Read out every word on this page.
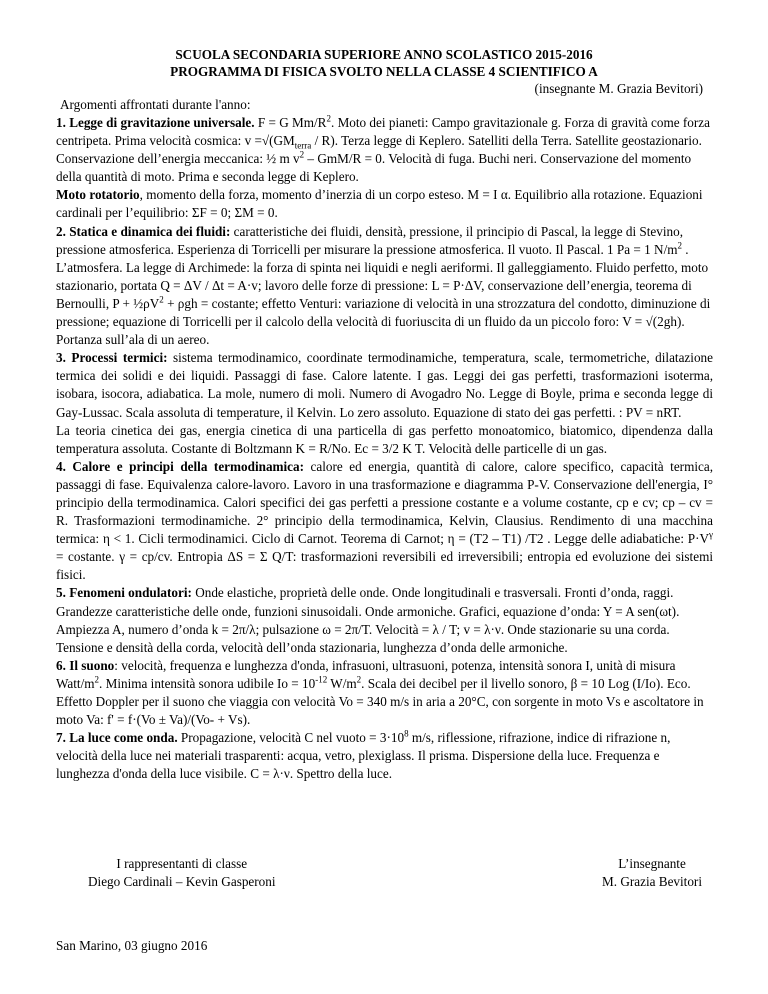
SCUOLA SECONDARIA SUPERIORE ANNO SCOLASTICO 2015-2016
PROGRAMMA DI FISICA SVOLTO NELLA CLASSE 4 SCIENTIFICO A
(insegnante M. Grazia Bevitori)
Argomenti affrontati durante l'anno:

1. Legge di gravitazione universale. F = G $Mm/R^2$. Moto dei pianeti: Campo gravitazionale g. Forza di gravità come forza centripeta. Prima velocità cosmica: $v =√(GM_{terra} / R)$. Terza legge di Keplero. Satelliti della Terra. Satellite geostazionario. Conservazione dell’energia meccanica: ½ m $v^2 - GmM/R = 0$. Velocità di fuga. Buchi neri. Conservazione del momento della quantità di moto. Prima e seconda legge di Keplero.

Moto rotatorio, momento della forza, momento d’inerzia di un corpo esteso. M = I α. Equilibrio alla rotazione. Equazioni cardinali per l’equilibrio: ΣF = 0; ΣM = 0.

2. Statica e dinamica dei fluidi: caratteristiche dei fluidi, densità, pressione, il principio di Pascal, la legge di Stevino, pressione atmosferica. Esperienza di Torricelli per misurare la pressione atmosferica. Il vuoto. Il Pascal. 1 Pa = 1 $N/m^2$ . L’atmosfera. La legge di Archimede: la forza di spinta nei liquidi e negli aeriformi. Il galleggiamento. Fluido perfetto, moto stazionario, portata Q = ΔV / Δt = A·v; lavoro delle forze di pressione: L = P·ΔV, conservazione dell’energia, teorema di Bernoulli, $P + \frac{1}{2}\rho V^2 + \rho gh$ = costante; effetto Venturi: variazione di velocità in una strozzatura del condotto, diminuzione di pressione; equazione di Torricelli per il calcolo della velocità di fuoriuscita di un fluido da un piccolo foro: V = √(2gh). Portanza sull’ala di un aereo.

3. Processi termici: sistema termodinamico, coordinate termodinamiche, temperatura, scale, termometriche, dilatazione termica dei solidi e dei liquidi. Passaggi di fase. Calore latente. I gas. Leggi dei gas perfetti, trasformazioni isoterma, isobara, isocora, adiabatica. La mole, numero di moli. Numero di Avogadro No. Legge di Boyle, prima e seconda legge di Gay-Lussac. Scala assoluta di temperature, il Kelvin. Lo zero assoluto. Equazione di stato dei gas perfetti. : PV = nRT.

La teoria cinetica dei gas, energia cinetica di una particella di gas perfetto monoatomico, biatomico, dipendenza dalla temperatura assoluta. Costante di Boltzmann K = R/No. Ec = 3/2 K T. Velocità delle particelle di un gas.

4. Calore e principi della termodinamica: calore ed energia, quantità di calore, calore specifico, capacità termica, passaggi di fase. Equivalenza calore-lavoro. Lavoro in una trasformazione e diagramma P-V. Conservazione dell'energia, I° principio della termodinamica. Calori specifici dei gas perfetti a pressione costante e a volume costante, cp e cv; cp – cv = R. Trasformazioni termodinamiche. 2° principio della termodinamica, Kelvin, Clausius. Rendimento di una macchina termica: η < 1. Cicli termodinamici. Ciclo di Carnot. Teorema di Carnot; η = (T2 – T1) /T2 . Legge delle adiabatiche: $P\cdot V^\gamma$ = costante. γ = cp/cv. Entropia ΔS = Σ Q/T: trasformazioni reversibili ed irreversibili; entropia ed evoluzione dei sistemi fisici.

5. Fenomeni ondulatori: Onde elastiche, proprietà delle onde. Onde longitudinali e trasversali. Fronti d’onda, raggi. Grandezze caratteristiche delle onde, funzioni sinusoidali. Onde armoniche. Grafici, equazione d’onda: Y = A sen(ωt). Ampiezza A, numero d’onda k = 2π/λ; pulsazione ω = 2π/T. Velocità = λ / T; v = λ·ν. Onde stazionarie su una corda. Tensione e densità della corda, velocità dell’onda stazionaria, lunghezza d’onda delle armoniche.

6. Il suono: velocità, frequenza e lunghezza d'onda, infrasuoni, ultrasuoni, potenza, intensità sonora I, unità di misura Watt/$m^2$. Minima intensità sonora udibile $Io = 10^{-12}$ $W/m^2$. Scala dei decibel per il livello sonoro, β = 10 Log (I/Io). Eco. Effetto Doppler per il suono che viaggia con velocità Vo = 340 m/s in aria a 20°C, con sorgente in moto Vs e ascoltatore in moto Va: f' = f·(Vo ± Va)/(Vo- + Vs).

7. La luce come onda. Propagazione, velocità C nel vuoto = $3\cdot 10^8$ m/s, riflessione, rifrazione, indice di rifrazione n, velocità della luce nei materiali trasparenti: acqua, vetro, plexiglass. Il prisma. Dispersione della luce. Frequenza e lunghezza d'onda della luce visibile. C = λ·ν. Spettro della luce.

I rappresentanti di classe
Diego Cardinali – Kevin Gasperoni
L’insegnante
M. Grazia Bevitori
San Marino, 03 giugno 2016
